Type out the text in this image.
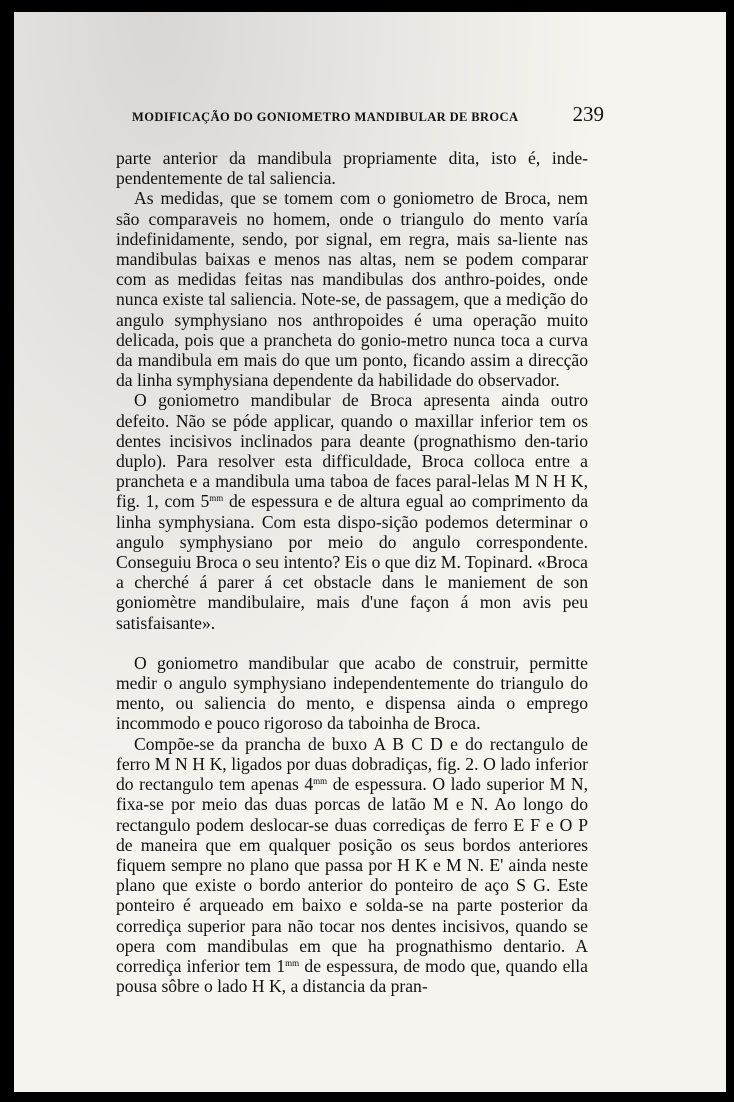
MODIFICAÇÃO DO GONIOMETRO MANDIBULAR DE BROCA	239

parte anterior da mandibula propriamente dita, isto é, inde-pendentemente de tal saliencia.

As medidas, que se tomem com o goniometro de Broca, nem são comparaveis no homem, onde o triangulo do mento varía indefinidamente, sendo, por signal, em regra, mais sa-liente nas mandibulas baixas e menos nas altas, nem se podem comparar com as medidas feitas nas mandibulas dos anthro-poides, onde nunca existe tal saliencia. Note-se, de passagem, que a medição do angulo symphysiano nos anthropoides é uma operação muito delicada, pois que a prancheta do gonio-metro nunca toca a curva da mandibula em mais do que um ponto, ficando assim a direcção da linha symphysiana dependente da habilidade do observador.

O goniometro mandibular de Broca apresenta ainda outro defeito. Não se póde applicar, quando o maxillar inferior tem os dentes incisivos inclinados para deante (prognathismo den-tario duplo). Para resolver esta difficuldade, Broca colloca entre a prancheta e a mandibula uma taboa de faces paral-lelas M N H K, fig. 1, com $5^{mm}$ de espessura e de altura egual ao comprimento da linha symphysiana. Com esta dispo-sição podemos determinar o angulo symphysiano por meio do angulo correspondente. Conseguiu Broca o seu intento? Eis o que diz M. Topinard. «Broca a cherché á parer á cet obstacle dans le maniement de son goniomètre mandibulaire, mais d'une façon á mon avis peu satisfaisante».

O goniometro mandibular que acabo de construir, permitte medir o angulo symphysiano independentemente do triangulo do mento, ou saliencia do mento, e dispensa ainda o emprego incommodo e pouco rigoroso da taboinha de Broca.

Compõe-se da prancha de buxo A B C D e do rectangulo de ferro M N H K, ligados por duas dobradiças, fig. 2. O lado inferior do rectangulo tem apenas $4^{mm}$ de espessura. O lado superior M N, fixa-se por meio das duas porcas de latão M e N. Ao longo do rectangulo podem deslocar-se duas corrediças de ferro E F e O P de maneira que em qualquer posição os seus bordos anteriores fiquem sempre no plano que passa por H K e M N. E' ainda neste plano que existe o bordo anterior do ponteiro de aço S G. Este ponteiro é arqueado em baixo e solda-se na parte posterior da corrediça superior para não tocar nos dentes incisivos, quando se opera com mandibulas em que ha prognathismo dentario. A corrediça inferior tem $1^{mm}$ de espessura, de modo que, quando ella pousa sôbre o lado H K, a distancia da pran-
